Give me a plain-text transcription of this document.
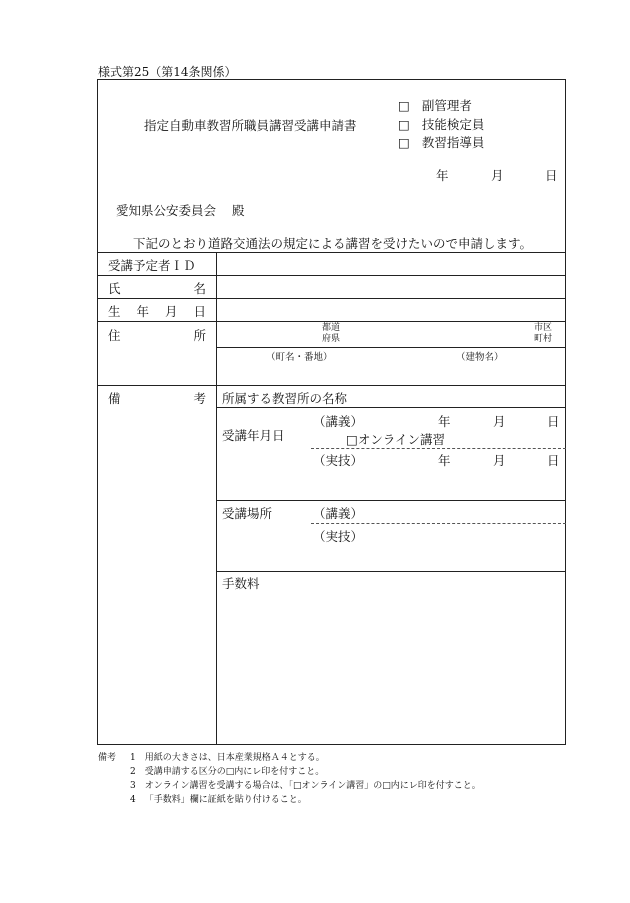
様式第25（第14条関係）
指定自動車教習所職員講習受講申請書
□ 副管理者
□ 技能検定員
□ 教習指導員
年	月	日
愛知県公安委員会 殿
下記のとおり道路交通法の規定による講習を受けたいので申請します。
受講予定者ＩＤ
氏	名
生 年 月 日
住	所
備	考
都道
府県
市区
町村
（町名・番地）	（建物名）
所属する教習所の名称
受講年月日
（講義）	年	月	日
□オンライン講習
（実技）	年	月	日
受講場所	（講義）
（実技）
手数料
備考 1 用紙の大きさは、日本産業規格Ａ４とする。
2 受講申請する区分の□内にレ印を付すこと。
3 オンライン講習を受講する場合は、「□オンライン講習」の□内にレ印を付すこと。
4 「手数料」欄に証紙を貼り付けること。
